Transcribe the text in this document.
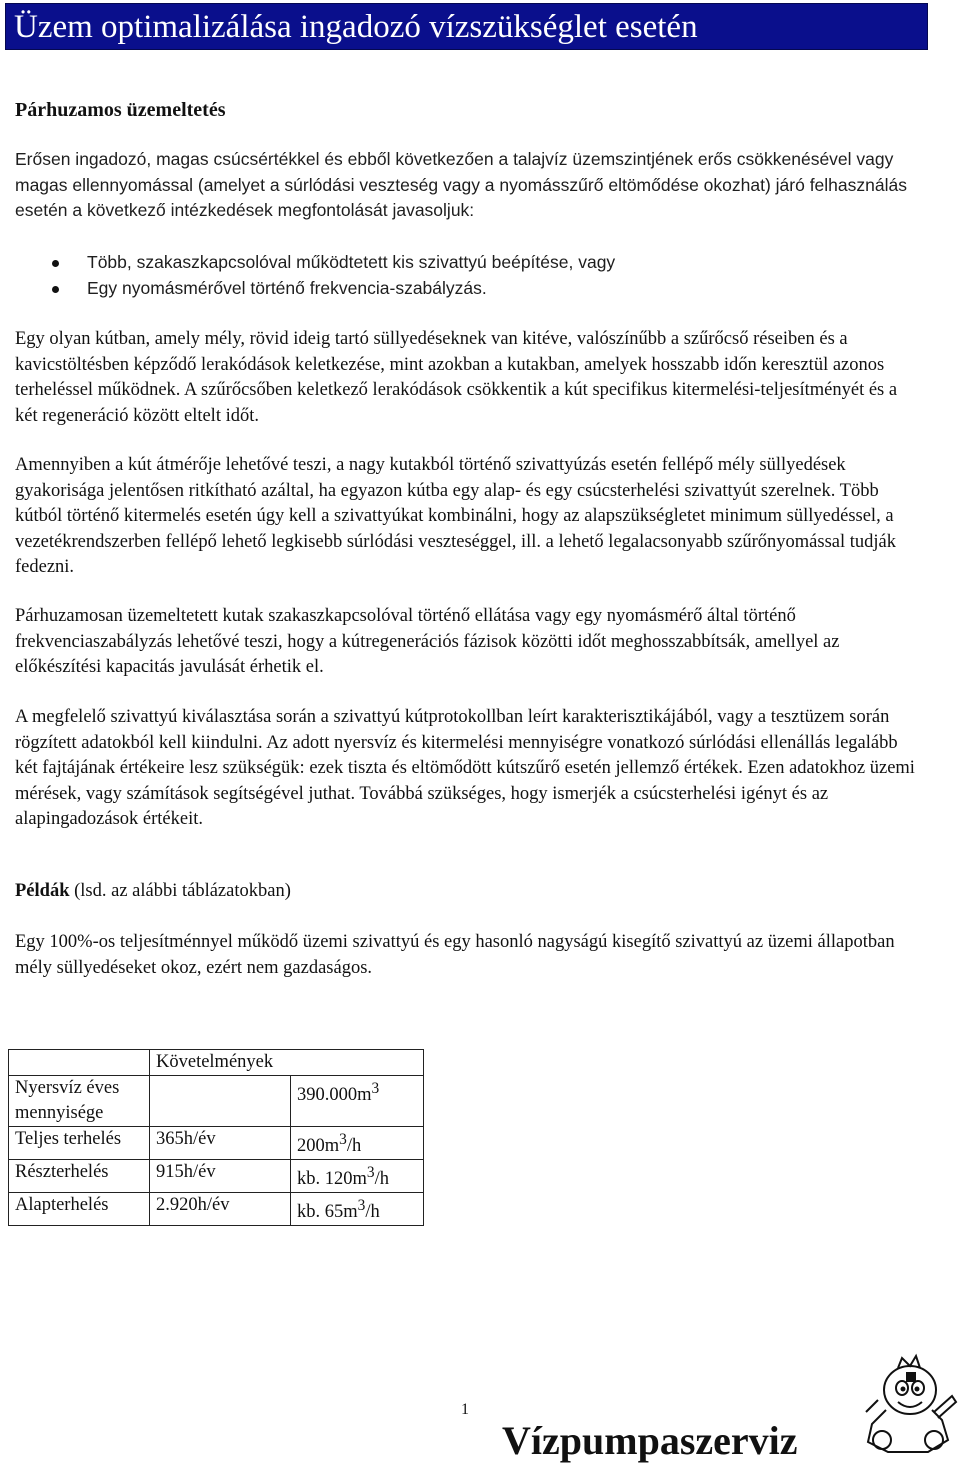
Üzem optimalizálása ingadozó vízszükséglet esetén
Párhuzamos üzemeltetés

Erősen ingadozó, magas csúcsértékkel és ebből következően a talajvíz üzemszintjének erős csökkenésével vagy magas ellennyomással (amelyet a súrlódási veszteség vagy a nyomásszűrő eltömődése okozhat) járó felhasználás esetén a következő intézkedések megfontolását javasoljuk:

Több, szakaszkapcsolóval működtetett kis szivattyú beépítése, vagy
Egy nyomásmérővel történő frekvencia-szabályzás.

Egy olyan kútban, amely mély, rövid ideig tartó süllyedéseknek van kitéve, valószínűbb a szűrőcső réseiben és a kavicstöltésben képződő lerakódások keletkezése, mint azokban a kutakban, amelyek hosszabb időn keresztül azonos terheléssel működnek. A szűrőcsőben keletkező lerakódások csökkentik a kút specifikus kitermelési-teljesítményét és a két regeneráció között eltelt időt.

Amennyiben a kút átmérője lehetővé teszi, a nagy kutakból történő szivattyúzás esetén fellépő mély süllyedések gyakorisága jelentősen ritkítható azáltal, ha egyazon kútba egy alap- és egy csúcsterhelési szivattyút szerelnek. Több kútból történő kitermelés esetén úgy kell a szivattyúkat kombinálni, hogy az alapszükségletet minimum süllyedéssel, a vezetékrendszerben fellépő lehető legkisebb súrlódási veszteséggel, ill. a lehető legalacsonyabb szűrőnyomással tudják fedezni.

Párhuzamosan üzemeltetett kutak szakaszkapcsolóval történő ellátása vagy egy nyomásmérő által történő frekvenciaszabályzás lehetővé teszi, hogy a kútregenerációs fázisok közötti időt meghosszabbítsák, amellyel az előkészítési kapacitás javulását érhetik el.

A megfelelő szivattyú kiválasztása során a szivattyú kútprotokollban leírt karakterisztikájából, vagy a tesztüzem során rögzített adatokból kell kiindulni. Az adott nyersvíz és kitermelési mennyiségre vonatkozó súrlódási ellenállás legalább két fajtájának értékeire lesz szükségük: ezek tiszta és eltömődött kútszűrő esetén jellemző értékek. Ezen adatokhoz üzemi mérések, vagy számítások segítségével juthat. Továbbá szükséges, hogy ismerjék a csúcsterhelési igényt és az alapingadozások értékeit.

Példák (lsd. az alábbi táblázatokban)

Egy 100%-os teljesítménnyel működő üzemi szivattyú és egy hasonló nagyságú kisegítő szivattyú az üzemi állapotban mély süllyedéseket okoz, ezért nem gazdaságos.

	Követelmények	
Nyersvíz éves mennyisége		$390.000m^3$
Teljes terhelés	365h/év	$200m^3/h$
Részterhelés	915h/év	kb. $120m^3/h$
Alapterhelés	2.920h/év	kb. $65m^3/h$
1
Vízpumpaszerviz
